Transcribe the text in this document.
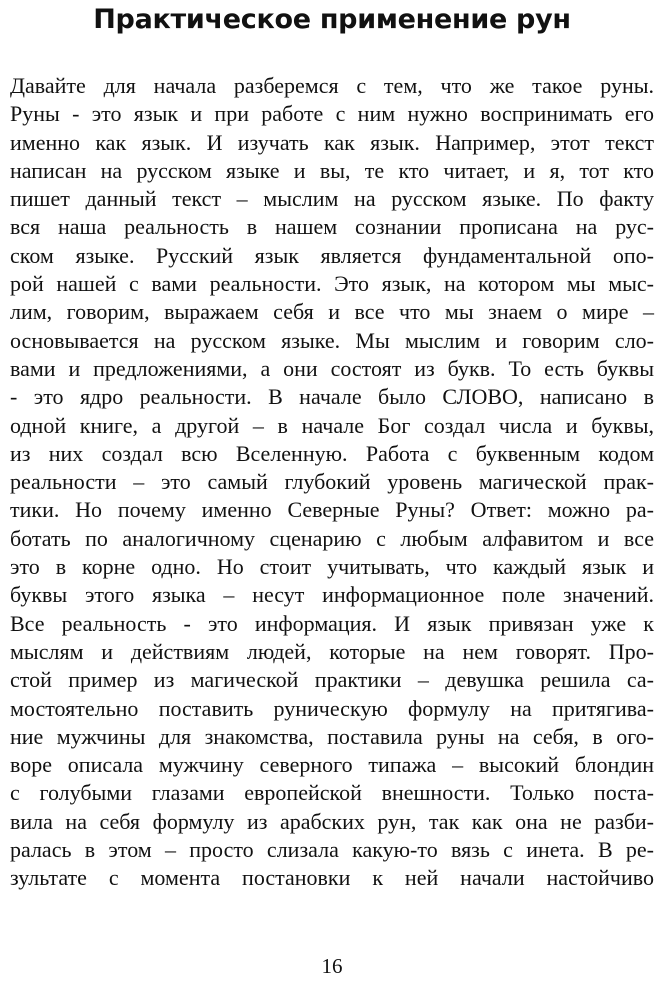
Практическое применение рун
Давайте для начала разберемся с тем, что же такое руны.
Руны - это язык и при работе с ним нужно воспринимать его
именно как язык. И изучать как язык. Например, этот текст
написан на русском языке и вы, те кто читает, и я, тот кто
пишет данный текст – мыслим на русском языке. По факту
вся наша реальность в нашем сознании прописана на рус-
ском языке. Русский язык является фундаментальной опо-
рой нашей с вами реальности. Это язык, на котором мы мыс-
лим, говорим, выражаем себя и все что мы знаем о мире –
основывается на русском языке. Мы мыслим и говорим сло-
вами и предложениями, а они состоят из букв. То есть буквы
- это ядро реальности. В начале было СЛОВО, написано в
одной книге, а другой – в начале Бог создал числа и буквы,
из них создал всю Вселенную. Работа с буквенным кодом
реальности – это самый глубокий уровень магической прак-
тики. Но почему именно Северные Руны? Ответ: можно ра-
ботать по аналогичному сценарию с любым алфавитом и все
это в корне одно. Но стоит учитывать, что каждый язык и
буквы этого языка – несут информационное поле значений.
Все реальность - это информация. И язык привязан уже к
мыслям и действиям людей, которые на нем говорят. Про-
стой пример из магической практики – девушка решила са-
мостоятельно поставить руническую формулу на притягива-
ние мужчины для знакомства, поставила руны на себя, в ого-
воре описала мужчину северного типажа – высокий блондин
с голубыми глазами европейской внешности. Только поста-
вила на себя формулу из арабских рун, так как она не разби-
ралась в этом – просто слизала какую-то вязь с инета. В ре-
зультате с момента постановки к ней начали настойчиво
16
